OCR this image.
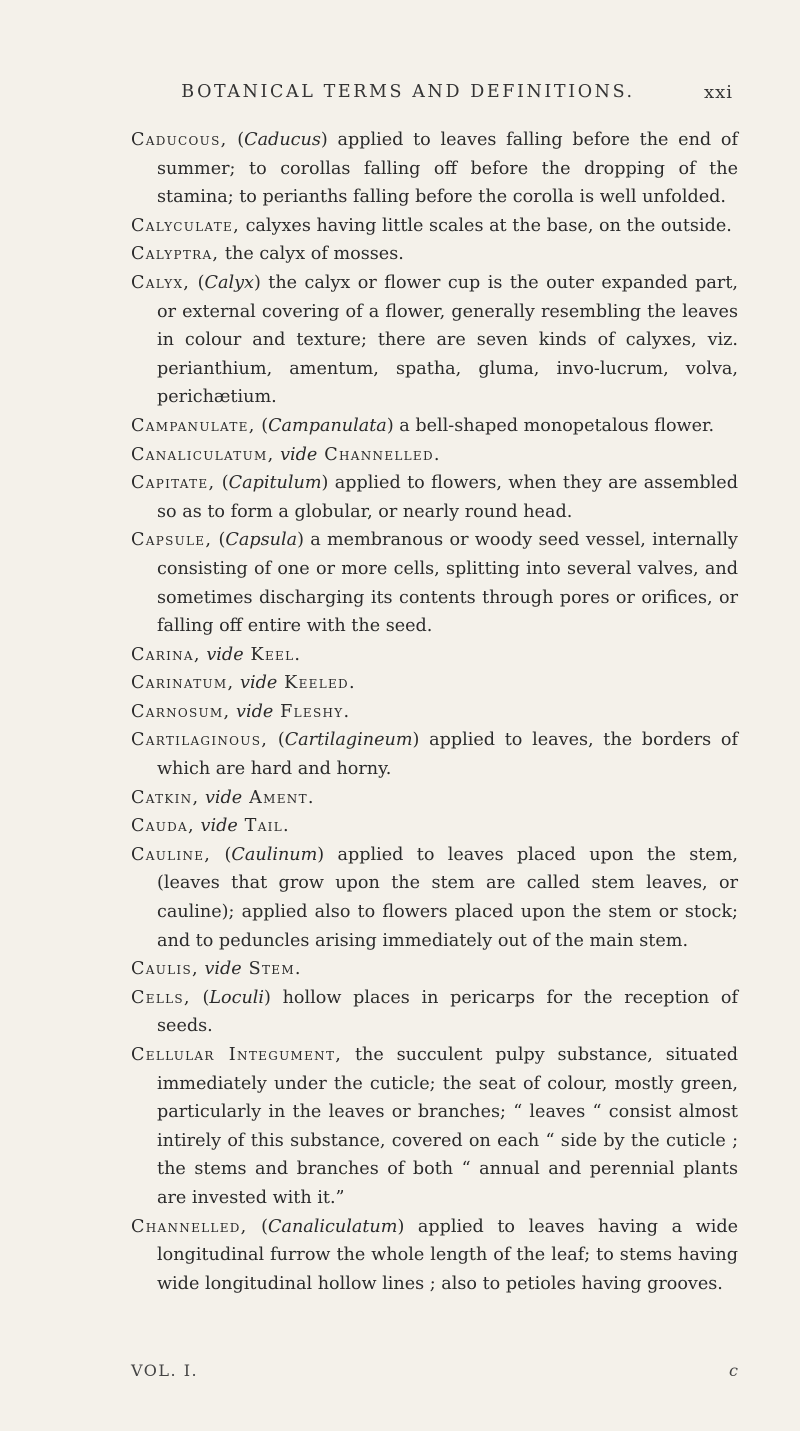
BOTANICAL TERMS AND DEFINITIONS.	xxi

Caducous, (Caducus) applied to leaves falling before the end of summer; to corollas falling off before the dropping of the stamina; to perianths falling before the corolla is well unfolded.

Calyculate, calyxes having little scales at the base, on the outside.

Calyptra, the calyx of mosses.

Calyx, (Calyx) the calyx or flower cup is the outer expanded part, or external covering of a flower, generally resembling the leaves in colour and texture; there are seven kinds of calyxes, viz. perianthium, amentum, spatha, gluma, invo-lucrum, volva, perichætium.

Campanulate, (Campanulata) a bell-shaped monopetalous flower.

Canaliculatum, vide Channelled.

Capitate, (Capitulum) applied to flowers, when they are assembled so as to form a globular, or nearly round head.

Capsule, (Capsula) a membranous or woody seed vessel, internally consisting of one or more cells, splitting into several valves, and sometimes discharging its contents through pores or orifices, or falling off entire with the seed.

Carina, vide Keel.

Carinatum, vide Keeled.

Carnosum, vide Fleshy.

Cartilaginous, (Cartilagineum) applied to leaves, the borders of which are hard and horny.

Catkin, vide Ament.

Cauda, vide Tail.

Cauline, (Caulinum) applied to leaves placed upon the stem, (leaves that grow upon the stem are called stem leaves, or cauline); applied also to flowers placed upon the stem or stock; and to peduncles arising immediately out of the main stem.

Caulis, vide Stem.

Cells, (Loculi) hollow places in pericarps for the reception of seeds.

Cellular Integument, the succulent pulpy substance, situated immediately under the cuticle; the seat of colour, mostly green, particularly in the leaves or branches; “ leaves “ consist almost intirely of this substance, covered on each “ side by the cuticle ; the stems and branches of both “ annual and perennial plants are invested with it.”

Channelled, (Canaliculatum) applied to leaves having a wide longitudinal furrow the whole length of the leaf; to stems having wide longitudinal hollow lines ; also to petioles having grooves.

VOL. I.	c
